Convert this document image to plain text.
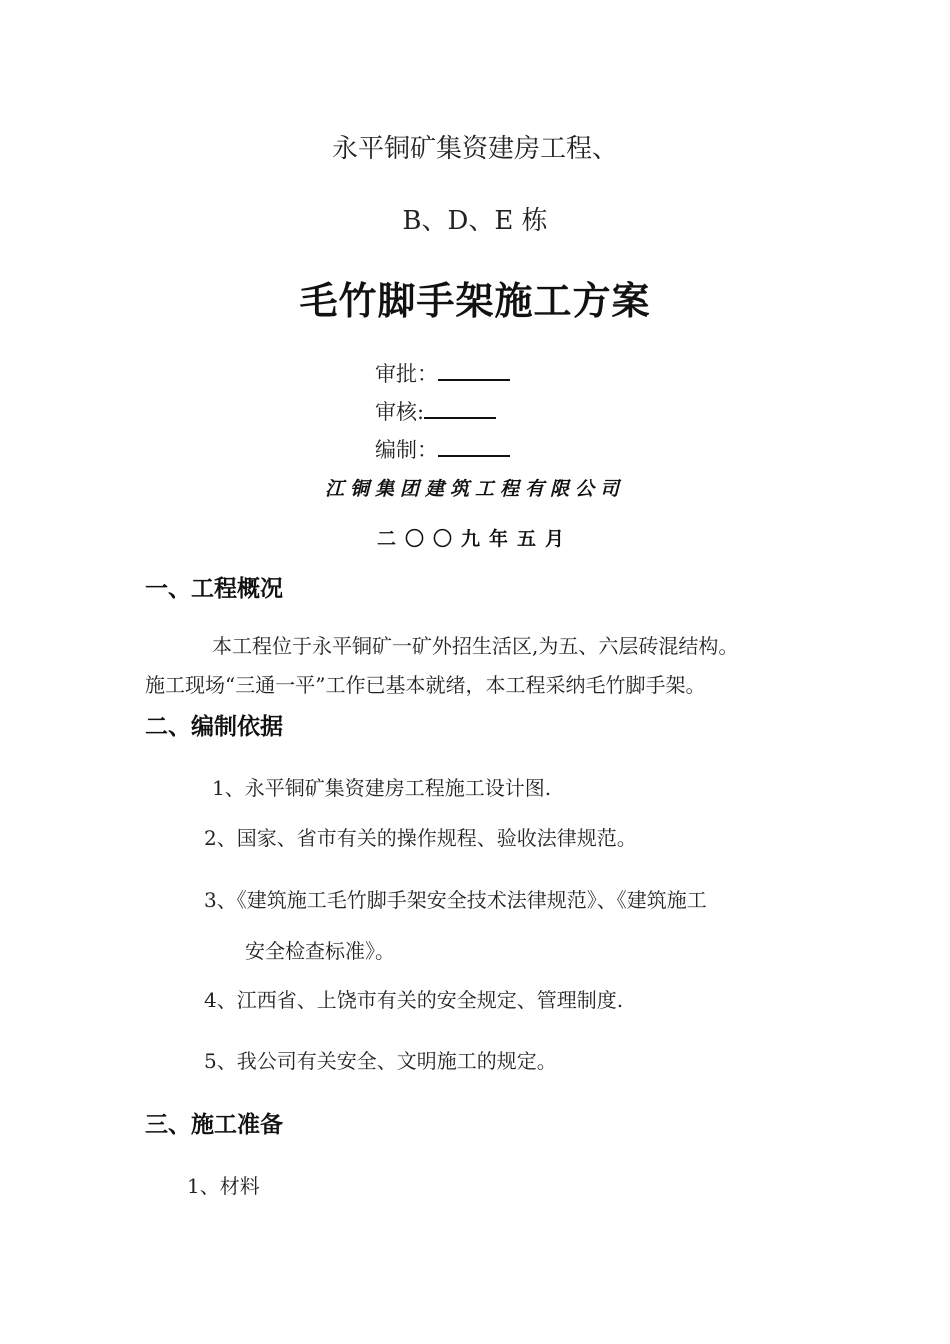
永平铜矿集资建房工程、
B、D、E 栋
毛竹脚手架施工方案
审批：
审核:
编制：
江铜集团建筑工程有限公司
二〇〇九年五月
一、工程概况
本工程位于永平铜矿一矿外招生活区,为五、六层砖混结构。
施工现场“三通一平”工作已基本就绪，本工程采纳毛竹脚手架。
二、编制依据
1、永平铜矿集资建房工程施工设计图.
2、国家、省市有关的操作规程、验收法律规范。
3、《建筑施工毛竹脚手架安全技术法律规范》、《建筑施工
安全检查标准》。
4、江西省、上饶市有关的安全规定、管理制度.
5、我公司有关安全、文明施工的规定。
三、施工准备
1、材料
